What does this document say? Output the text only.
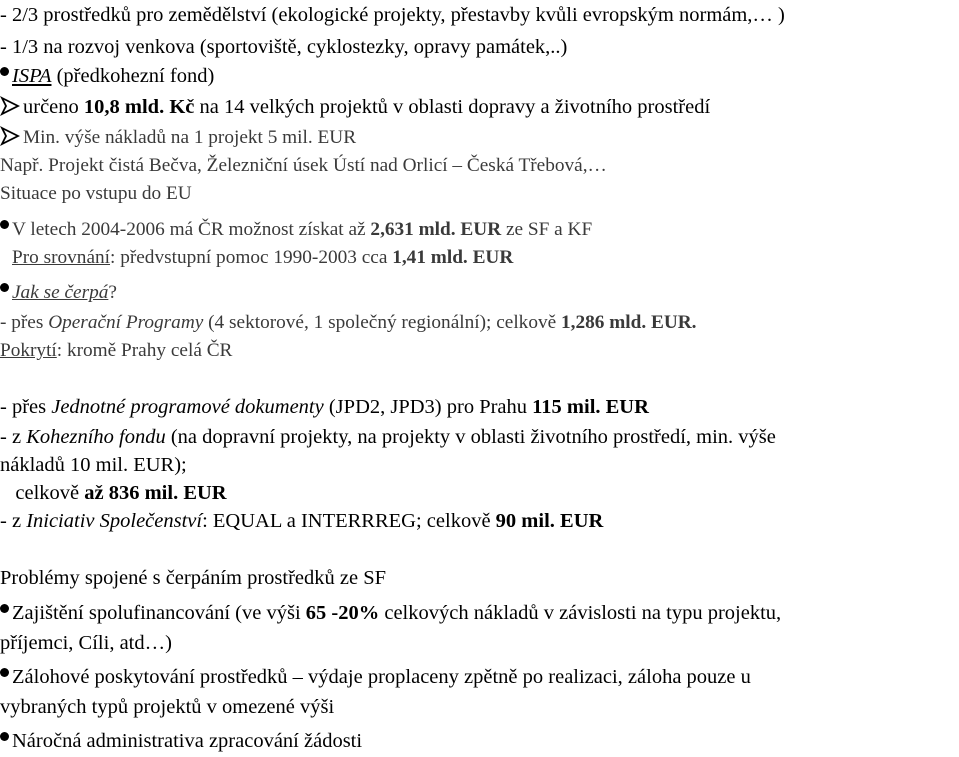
- 2/3 prostředků pro zemědělství (ekologické projekty, přestavby kvůli evropským normám,… )
- 1/3 na rozvoj venkova (sportoviště, cyklostezky, opravy památek,..)
ISPA (předkohezní fond)
určeno 10,8 mld. Kč na 14 velkých projektů v oblasti dopravy a životního prostředí
Min. výše nákladů na 1 projekt 5 mil. EUR
Např. Projekt čistá Bečva, Železniční úsek Ústí nad Orlicí – Česká Třebová,…
Situace po vstupu do EU
V letech 2004-2006 má ČR možnost získat až 2,631 mld. EUR ze SF a KF
Pro srovnání: předvstupní pomoc 1990-2003 cca 1,41 mld. EUR
Jak se čerpá?
- přes Operační Programy (4 sektorové, 1 společný regionální); celkově 1,286 mld. EUR.
Pokrytí: kromě Prahy celá ČR
- přes Jednotné programové dokumenty (JPD2, JPD3) pro Prahu 115 mil. EUR
- z Kohezního fondu (na dopravní projekty, na projekty v oblasti životního prostředí, min. výše
nákladů 10 mil. EUR);
celkově až 836 mil. EUR
- z Iniciativ Společenství: EQUAL a INTERRREG; celkově 90 mil. EUR
Problémy spojené s čerpáním prostředků ze SF
Zajištění spolufinancování (ve výši 65 -20% celkových nákladů v závislosti na typu projektu,
příjemci, Cíli, atd…)
Zálohové poskytování prostředků – výdaje proplaceny zpětně po realizaci, záloha pouze u
vybraných typů projektů v omezené výši
Náročná administrativa zpracování žádosti
